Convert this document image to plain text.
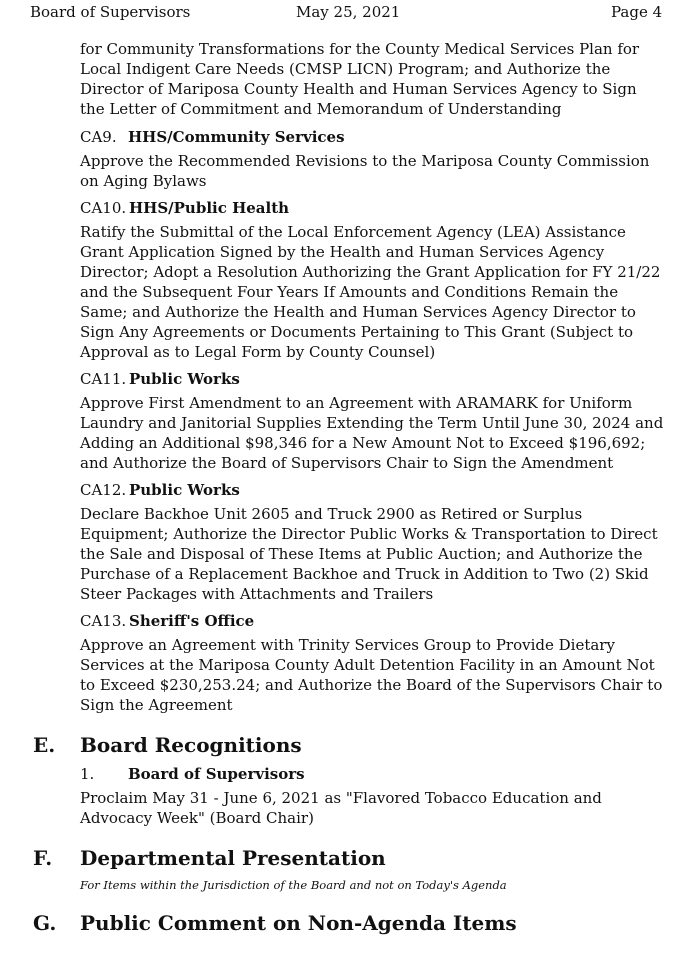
Board of Supervisors	May 25, 2021	Page 4

for Community Transformations for the County Medical Services Plan for Local Indigent Care Needs (CMSP LICN) Program; and Authorize the Director of Mariposa County Health and Human Services Agency to Sign the Letter of Commitment and Memorandum of Understanding

CA9. HHS/Community Services

Approve the Recommended Revisions to the Mariposa County Commission on Aging Bylaws

CA10. HHS/Public Health

Ratify the Submittal of the Local Enforcement Agency (LEA) Assistance Grant Application Signed by the Health and Human Services Agency Director; Adopt a Resolution Authorizing the Grant Application for FY 21/22 and the Subsequent Four Years If Amounts and Conditions Remain the Same; and Authorize the Health and Human Services Agency Director to Sign Any Agreements or Documents Pertaining to This Grant (Subject to Approval as to Legal Form by County Counsel)

CA11. Public Works

Approve First Amendment to an Agreement with ARAMARK for Uniform Laundry and Janitorial Supplies Extending the Term Until June 30, 2024 and Adding an Additional $98,346 for a New Amount Not to Exceed $196,692; and Authorize the Board of Supervisors Chair to Sign the Amendment

CA12. Public Works

Declare Backhoe Unit 2605 and Truck 2900 as Retired or Surplus Equipment; Authorize the Director Public Works & Transportation to Direct the Sale and Disposal of These Items at Public Auction; and Authorize the Purchase of a Replacement Backhoe and Truck in Addition to Two (2) Skid Steer Packages with Attachments and Trailers

CA13. Sheriff's Office

Approve an Agreement with Trinity Services Group to Provide Dietary Services at the Mariposa County Adult Detention Facility in an Amount Not to Exceed $230,253.24; and Authorize the Board of the Supervisors Chair to Sign the Agreement

E. Board Recognitions
1. Board of Supervisors

Proclaim May 31 - June 6, 2021 as "Flavored Tobacco Education and Advocacy Week" (Board Chair)

F. Departmental Presentation
For Items within the Jurisdiction of the Board and not on Today's Agenda
G. Public Comment on Non-Agenda Items
